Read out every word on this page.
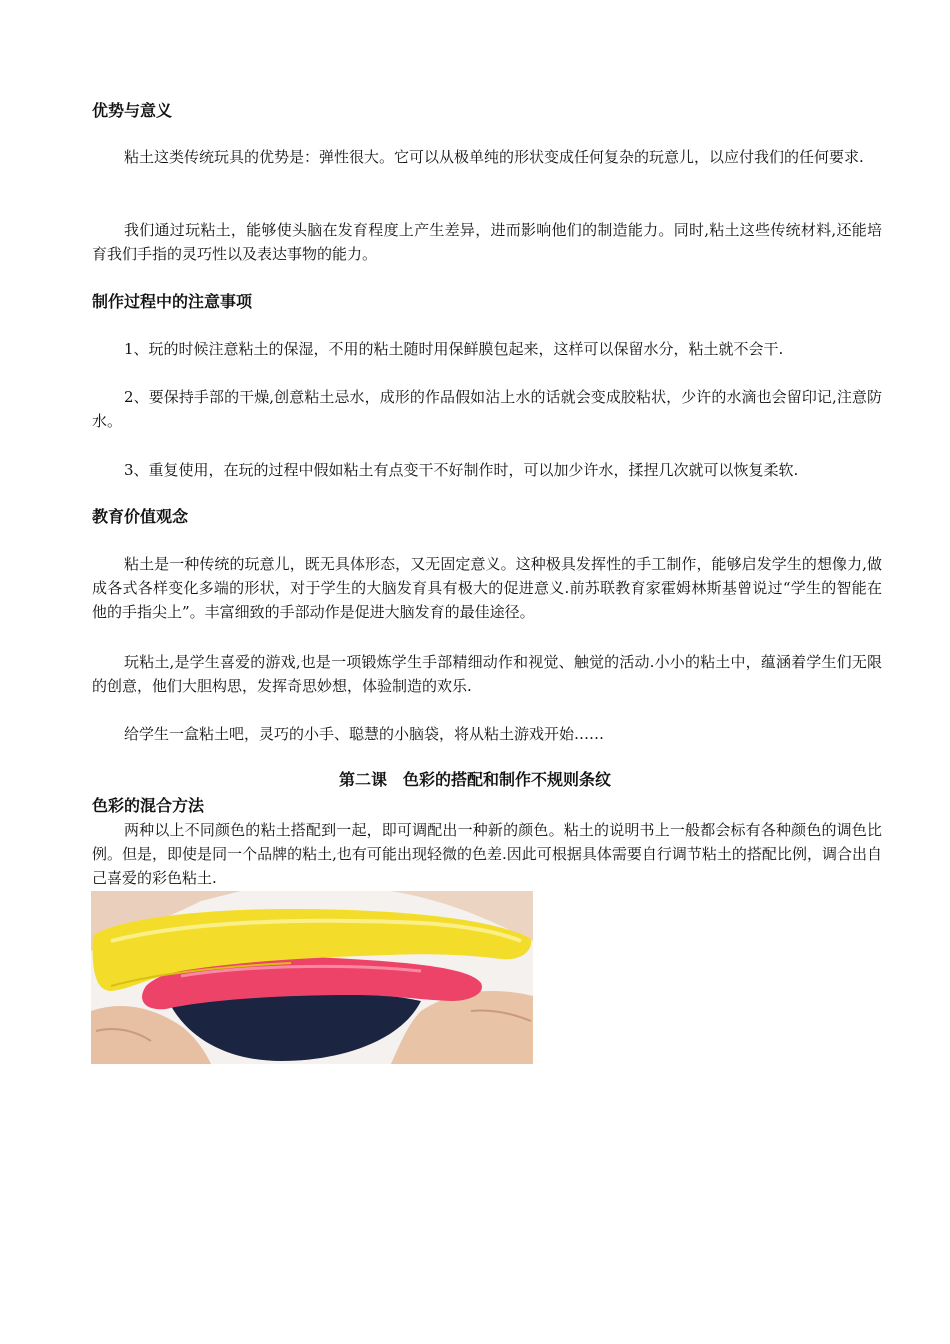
优势与意义

粘土这类传统玩具的优势是：弹性很大。它可以从极单纯的形状变成任何复杂的玩意儿，以应付我们的任何要求.

我们通过玩粘土，能够使头脑在发育程度上产生差异，进而影响他们的制造能力。同时,粘土这些传统材料,还能培育我们手指的灵巧性以及表达事物的能力。

制作过程中的注意事项

1、玩的时候注意粘土的保湿，不用的粘土随时用保鲜膜包起来，这样可以保留水分，粘土就不会干.

2、要保持手部的干燥,创意粘土忌水，成形的作品假如沾上水的话就会变成胶粘状，少许的水滴也会留印记,注意防水。

3、重复使用，在玩的过程中假如粘土有点变干不好制作时，可以加少许水，揉捏几次就可以恢复柔软.

教育价值观念

粘土是一种传统的玩意儿，既无具体形态，又无固定意义。这种极具发挥性的手工制作，能够启发学生的想像力,做成各式各样变化多端的形状，对于学生的大脑发育具有极大的促进意义.前苏联教育家霍姆林斯基曾说过“学生的智能在他的手指尖上”。丰富细致的手部动作是促进大脑发育的最佳途径。

玩粘土,是学生喜爱的游戏,也是一项锻炼学生手部精细动作和视觉、触觉的活动.小小的粘土中，蕴涵着学生们无限的创意，他们大胆构思，发挥奇思妙想，体验制造的欢乐.

给学生一盒粘土吧，灵巧的小手、聪慧的小脑袋，将从粘土游戏开始……

第二课　色彩的搭配和制作不规则条纹
色彩的混合方法

两种以上不同颜色的粘土搭配到一起，即可调配出一种新的颜色。粘土的说明书上一般都会标有各种颜色的调色比例。但是，即使是同一个品牌的粘土,也有可能出现轻微的色差.因此可根据具体需要自行调节粘土的搭配比例，调合出自己喜爱的彩色粘土.
